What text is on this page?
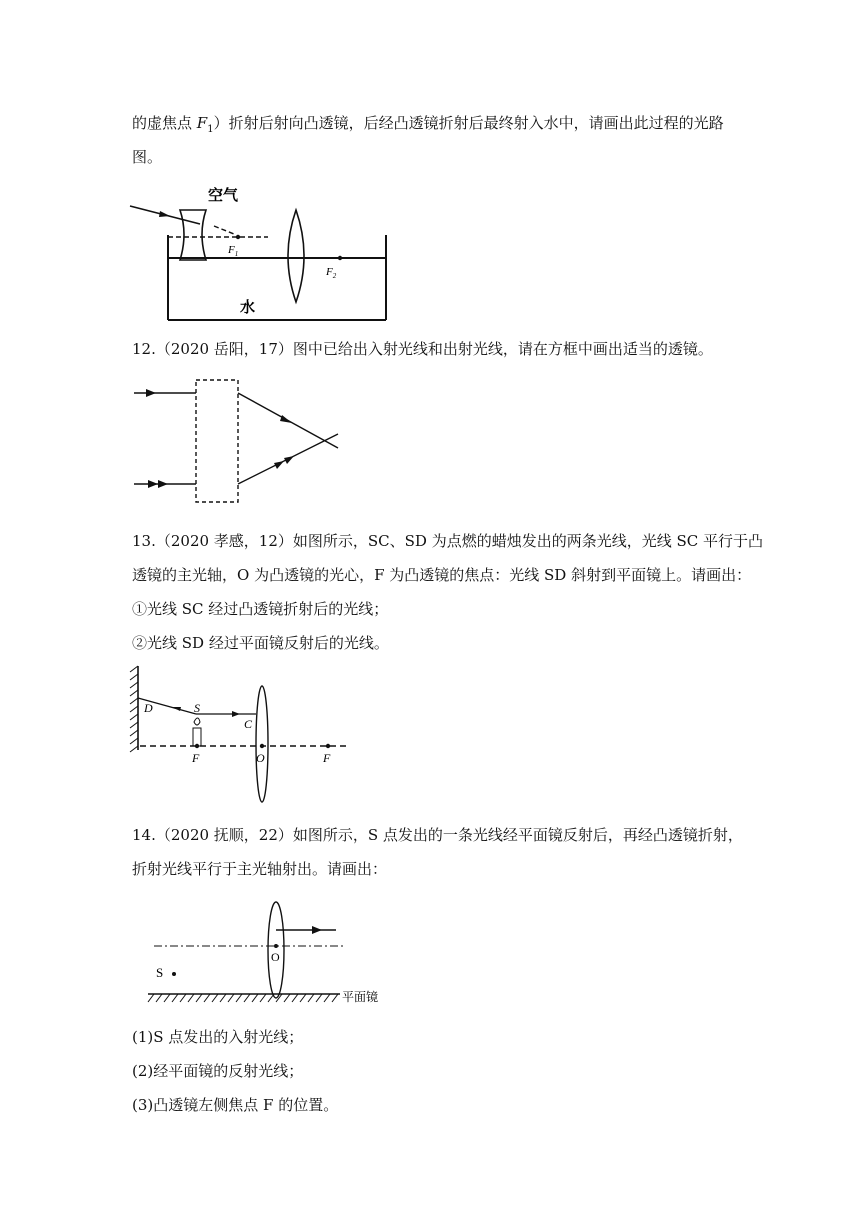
的虚焦点 $F_1$）折射后射向凸透镜，后经凸透镜折射后最终射入水中，请画出此过程的光路
图。
$F_1$
$F_2$
空气
水
12.（2020 岳阳，17）图中已给出入射光线和出射光线，请在方框中画出适当的透镜。
13.（2020 孝感，12）如图所示，SC、SD 为点燃的蜡烛发出的两条光线，光线 SC 平行于凸
透镜的主光轴，O 为凸透镜的光心，F 为凸透镜的焦点：光线 SD 斜射到平面镜上。请画出：
①光线 SC 经过凸透镜折射后的光线；
②光线 SD 经过平面镜反射后的光线。
D	S
C
F	O	F
14.（2020 抚顺，22）如图所示，S 点发出的一条光线经平面镜反射后，再经凸透镜折射，
折射光线平行于主光轴射出。请画出：
O
S
平面镜
(1)S 点发出的入射光线；
(2)经平面镜的反射光线；
(3)凸透镜左侧焦点 F 的位置。
